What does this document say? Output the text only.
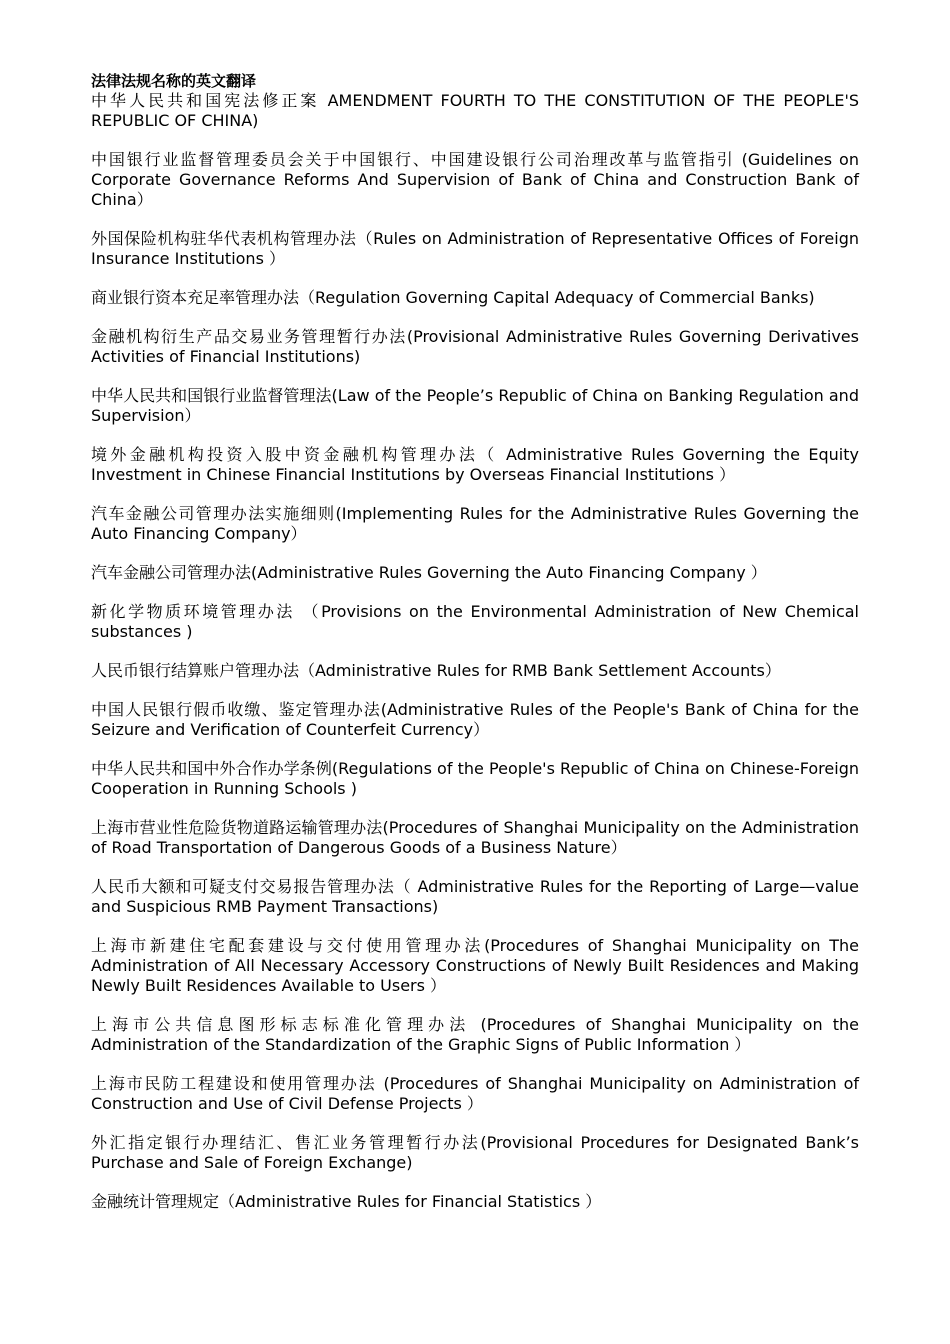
法律法规名称的英文翻译

中华人民共和国宪法修正案 AMENDMENT FOURTH TO THE CONSTITUTION OF THE PEOPLE'S REPUBLIC OF CHINA)

中国银行业监督管理委员会关于中国银行、中国建设银行公司治理改革与监管指引 (Guidelines on Corporate Governance Reforms And Supervision of Bank of China and Construction Bank of China）

外国保险机构驻华代表机构管理办法（Rules on Administration of Representative Offices of Foreign Insurance Institutions ）

商业银行资本充足率管理办法（Regulation Governing Capital Adequacy of Commercial Banks)

金融机构衍生产品交易业务管理暂行办法(Provisional Administrative Rules Governing Derivatives Activities of Financial Institutions)

中华人民共和国银行业监督管理法(Law of the People’s Republic of China on Banking Regulation and Supervision）

境外金融机构投资入股中资金融机构管理办法（ Administrative Rules Governing the Equity Investment in Chinese Financial Institutions by Overseas Financial Institutions ）

汽车金融公司管理办法实施细则(Implementing Rules for the Administrative Rules Governing the Auto Financing Company）

汽车金融公司管理办法(Administrative Rules Governing the Auto Financing Company ）

新化学物质环境管理办法 （Provisions on the Environmental Administration of New Chemical substances )

人民币银行结算账户管理办法（Administrative Rules for RMB Bank Settlement Accounts）

中国人民银行假币收缴、鉴定管理办法(Administrative Rules of the People's Bank of China for the Seizure and Verification of Counterfeit Currency）

中华人民共和国中外合作办学条例(Regulations of the People's Republic of China on Chinese-Foreign Cooperation in Running Schools )

上海市营业性危险货物道路运输管理办法(Procedures of Shanghai Municipality on the Administration of Road Transportation of Dangerous Goods of a Business Nature）

人民币大额和可疑支付交易报告管理办法（ Administrative Rules for the Reporting of Large—value and Suspicious RMB Payment Transactions)

上海市新建住宅配套建设与交付使用管理办法(Procedures of Shanghai Municipality on The Administration of All Necessary Accessory Constructions of Newly Built Residences and Making Newly Built Residences Available to Users ）

上海市公共信息图形标志标准化管理办法 (Procedures of Shanghai Municipality on the Administration of the Standardization of the Graphic Signs of Public Information ）

上海市民防工程建设和使用管理办法 (Procedures of Shanghai Municipality on Administration of Construction and Use of Civil Defense Projects ）

外汇指定银行办理结汇、售汇业务管理暂行办法(Provisional Procedures for Designated Bank’s Purchase and Sale of Foreign Exchange)

金融统计管理规定（Administrative Rules for Financial Statistics ）
